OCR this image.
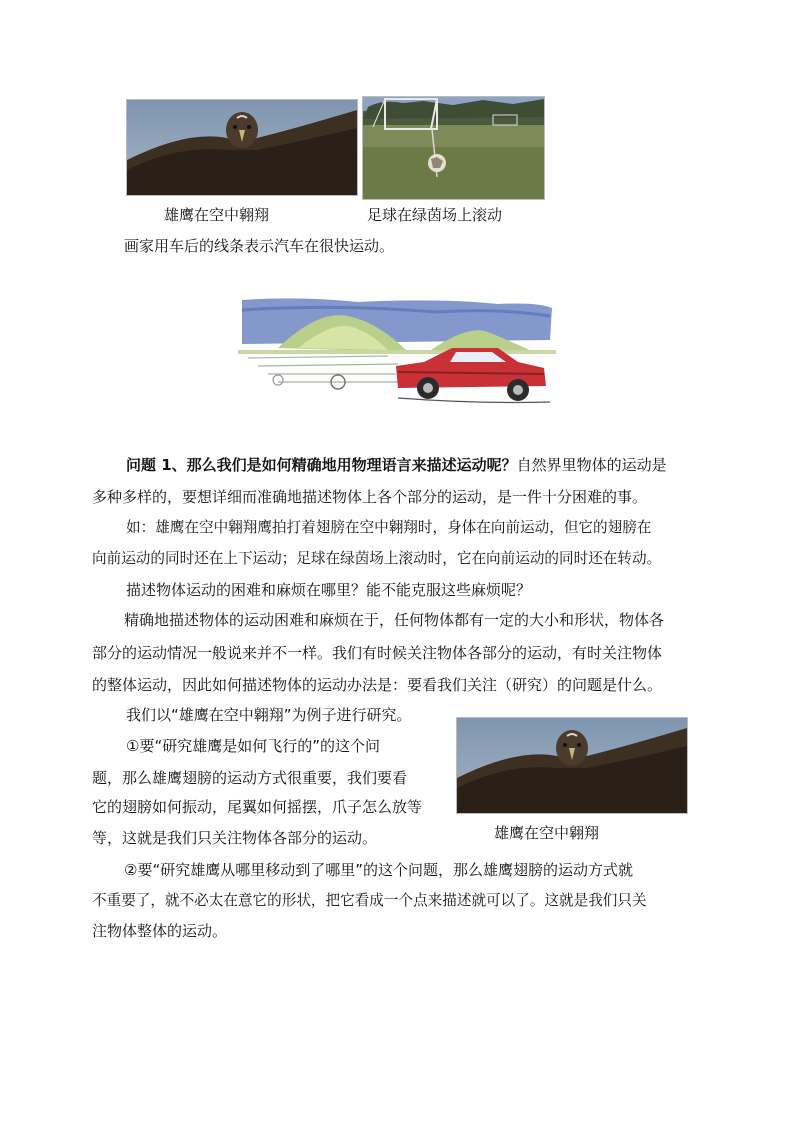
雄鹰在空中翱翔	足球在绿茵场上滚动
画家用车后的线条表示汽车在很快运动。
问题 1、那么我们是如何精确地用物理语言来描述运动呢？自然界里物体的运动是
多种多样的，要想详细而准确地描述物体上各个部分的运动，是一件十分困难的事。
如：雄鹰在空中翱翔鹰拍打着翅膀在空中翱翔时，身体在向前运动，但它的翅膀在
向前运动的同时还在上下运动；足球在绿茵场上滚动时，它在向前运动的同时还在转动。
描述物体运动的困难和麻烦在哪里？能不能克服这些麻烦呢？
精确地描述物体的运动困难和麻烦在于，任何物体都有一定的大小和形状，物体各
部分的运动情况一般说来并不一样。我们有时候关注物体各部分的运动，有时关注物体
的整体运动，因此如何描述物体的运动办法是：要看我们关注（研究）的问题是什么。
我们以“雄鹰在空中翱翔”为例子进行研究。
①要“研究雄鹰是如何飞行的”的这个问
题，那么雄鹰翅膀的运动方式很重要，我们要看
它的翅膀如何振动，尾翼如何摇摆，爪子怎么放等
等，这就是我们只关注物体各部分的运动。	雄鹰在空中翱翔
②要“研究雄鹰从哪里移动到了哪里”的这个问题，那么雄鹰翅膀的运动方式就
不重要了，就不必太在意它的形状，把它看成一个点来描述就可以了。这就是我们只关
注物体整体的运动。
